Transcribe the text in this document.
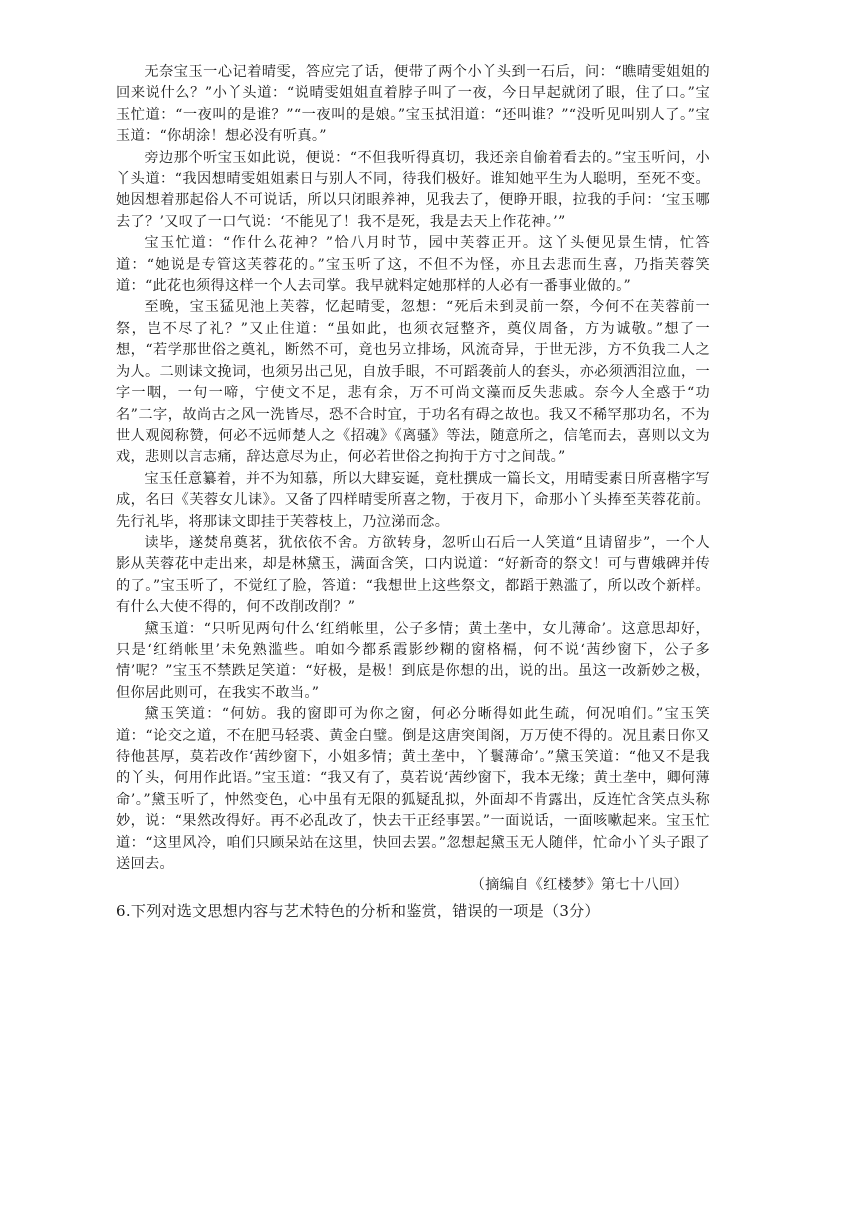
无奈宝玉一心记着晴雯，答应完了话，便带了两个小丫头到一石后，问：“瞧晴雯姐姐的回来说什么？”小丫头道：“说晴雯姐姐直着脖子叫了一夜，今日早起就闭了眼，住了口。”宝玉忙道：“一夜叫的是谁？”“一夜叫的是娘。”宝玉拭泪道：“还叫谁？”“没听见叫别人了。”宝玉道：“你胡涂！想必没有听真。”

旁边那个听宝玉如此说，便说：“不但我听得真切，我还亲自偷着看去的。”宝玉听问，小丫头道：“我因想晴雯姐姐素日与别人不同，待我们极好。谁知她平生为人聪明，至死不变。她因想着那起俗人不可说话，所以只闭眼养神，见我去了，便睁开眼，拉我的手问：‘宝玉哪去了？’又叹了一口气说：‘不能见了！我不是死，我是去天上作花神。’”

宝玉忙道：“作什么花神？”恰八月时节，园中芙蓉正开。这丫头便见景生情，忙答道：“她说是专管这芙蓉花的。”宝玉听了这，不但不为怪，亦且去悲而生喜，乃指芙蓉笑道：“此花也须得这样一个人去司掌。我早就料定她那样的人必有一番事业做的。”

至晚，宝玉猛见池上芙蓉，忆起晴雯，忽想：“死后未到灵前一祭，今何不在芙蓉前一祭，岂不尽了礼？”又止住道：“虽如此，也须衣冠整齐，奠仪周备，方为诚敬。”想了一想，“若学那世俗之奠礼，断然不可，竟也另立排场，风流奇异，于世无涉，方不负我二人之为人。二则诔文挽词，也须另出己见，自放手眼，不可蹈袭前人的套头，亦必须洒泪泣血，一字一咽，一句一啼，宁使文不足，悲有余，万不可尚文藻而反失悲戚。奈今人全惑于“功名”二字，故尚古之风一洗皆尽，恐不合时宜，于功名有碍之故也。我又不稀罕那功名，不为世人观阅称赞，何必不远师楚人之《招魂》《离骚》等法，随意所之，信笔而去，喜则以文为戏，悲则以言志痛，辞达意尽为止，何必若世俗之拘拘于方寸之间哉。”

宝玉任意纂着，并不为知慕，所以大肆妄诞，竟杜撰成一篇长文，用晴雯素日所喜楷字写成，名曰《芙蓉女儿诔》。又备了四样晴雯所喜之物，于夜月下，命那小丫头捧至芙蓉花前。先行礼毕，将那诔文即挂于芙蓉枝上，乃泣涕而念。

读毕，遂焚帛奠茗，犹依依不舍。方欲转身，忽听山石后一人笑道“且请留步”，一个人影从芙蓉花中走出来，却是林黛玉，满面含笑，口内说道：“好新奇的祭文！可与曹娥碑并传的了。”宝玉听了，不觉红了脸，答道：“我想世上这些祭文，都蹈于熟滥了，所以改个新样。有什么大使不得的，何不改削改削？”

黛玉道：“只听见两句什么‘红绡帐里，公子多情；黄土垄中，女儿薄命’。这意思却好，只是‘红绡帐里’未免熟滥些。咱如今都系霞影纱糊的窗格槅，何不说‘茜纱窗下，公子多情’呢？”宝玉不禁跌足笑道：“好极，是极！到底是你想的出，说的出。虽这一改新妙之极，但你居此则可，在我实不敢当。”

黛玉笑道：“何妨。我的窗即可为你之窗，何必分晰得如此生疏，何况咱们。”宝玉笑道：“论交之道，不在肥马轻裘、黄金白璧。倒是这唐突闺阁，万万使不得的。况且素日你又待他甚厚，莫若改作‘茜纱窗下，小姐多情；黄土垄中，丫鬟薄命’。”黛玉笑道：“他又不是我的丫头，何用作此语。”宝玉道：“我又有了，莫若说‘茜纱窗下，我本无缘；黄土垄中，卿何薄命’。”黛玉听了，忡然变色，心中虽有无限的狐疑乱拟，外面却不肯露出，反连忙含笑点头称妙，说：“果然改得好。再不必乱改了，快去干正经事罢。”一面说话，一面咳嗽起来。宝玉忙道：“这里风冷，咱们只顾呆站在这里，快回去罢。”忽想起黛玉无人随伴，忙命小丫头子跟了送回去。

（摘编自《红楼梦》第七十八回）

6.下列对选文思想内容与艺术特色的分析和鉴赏，错误的一项是（3分）
